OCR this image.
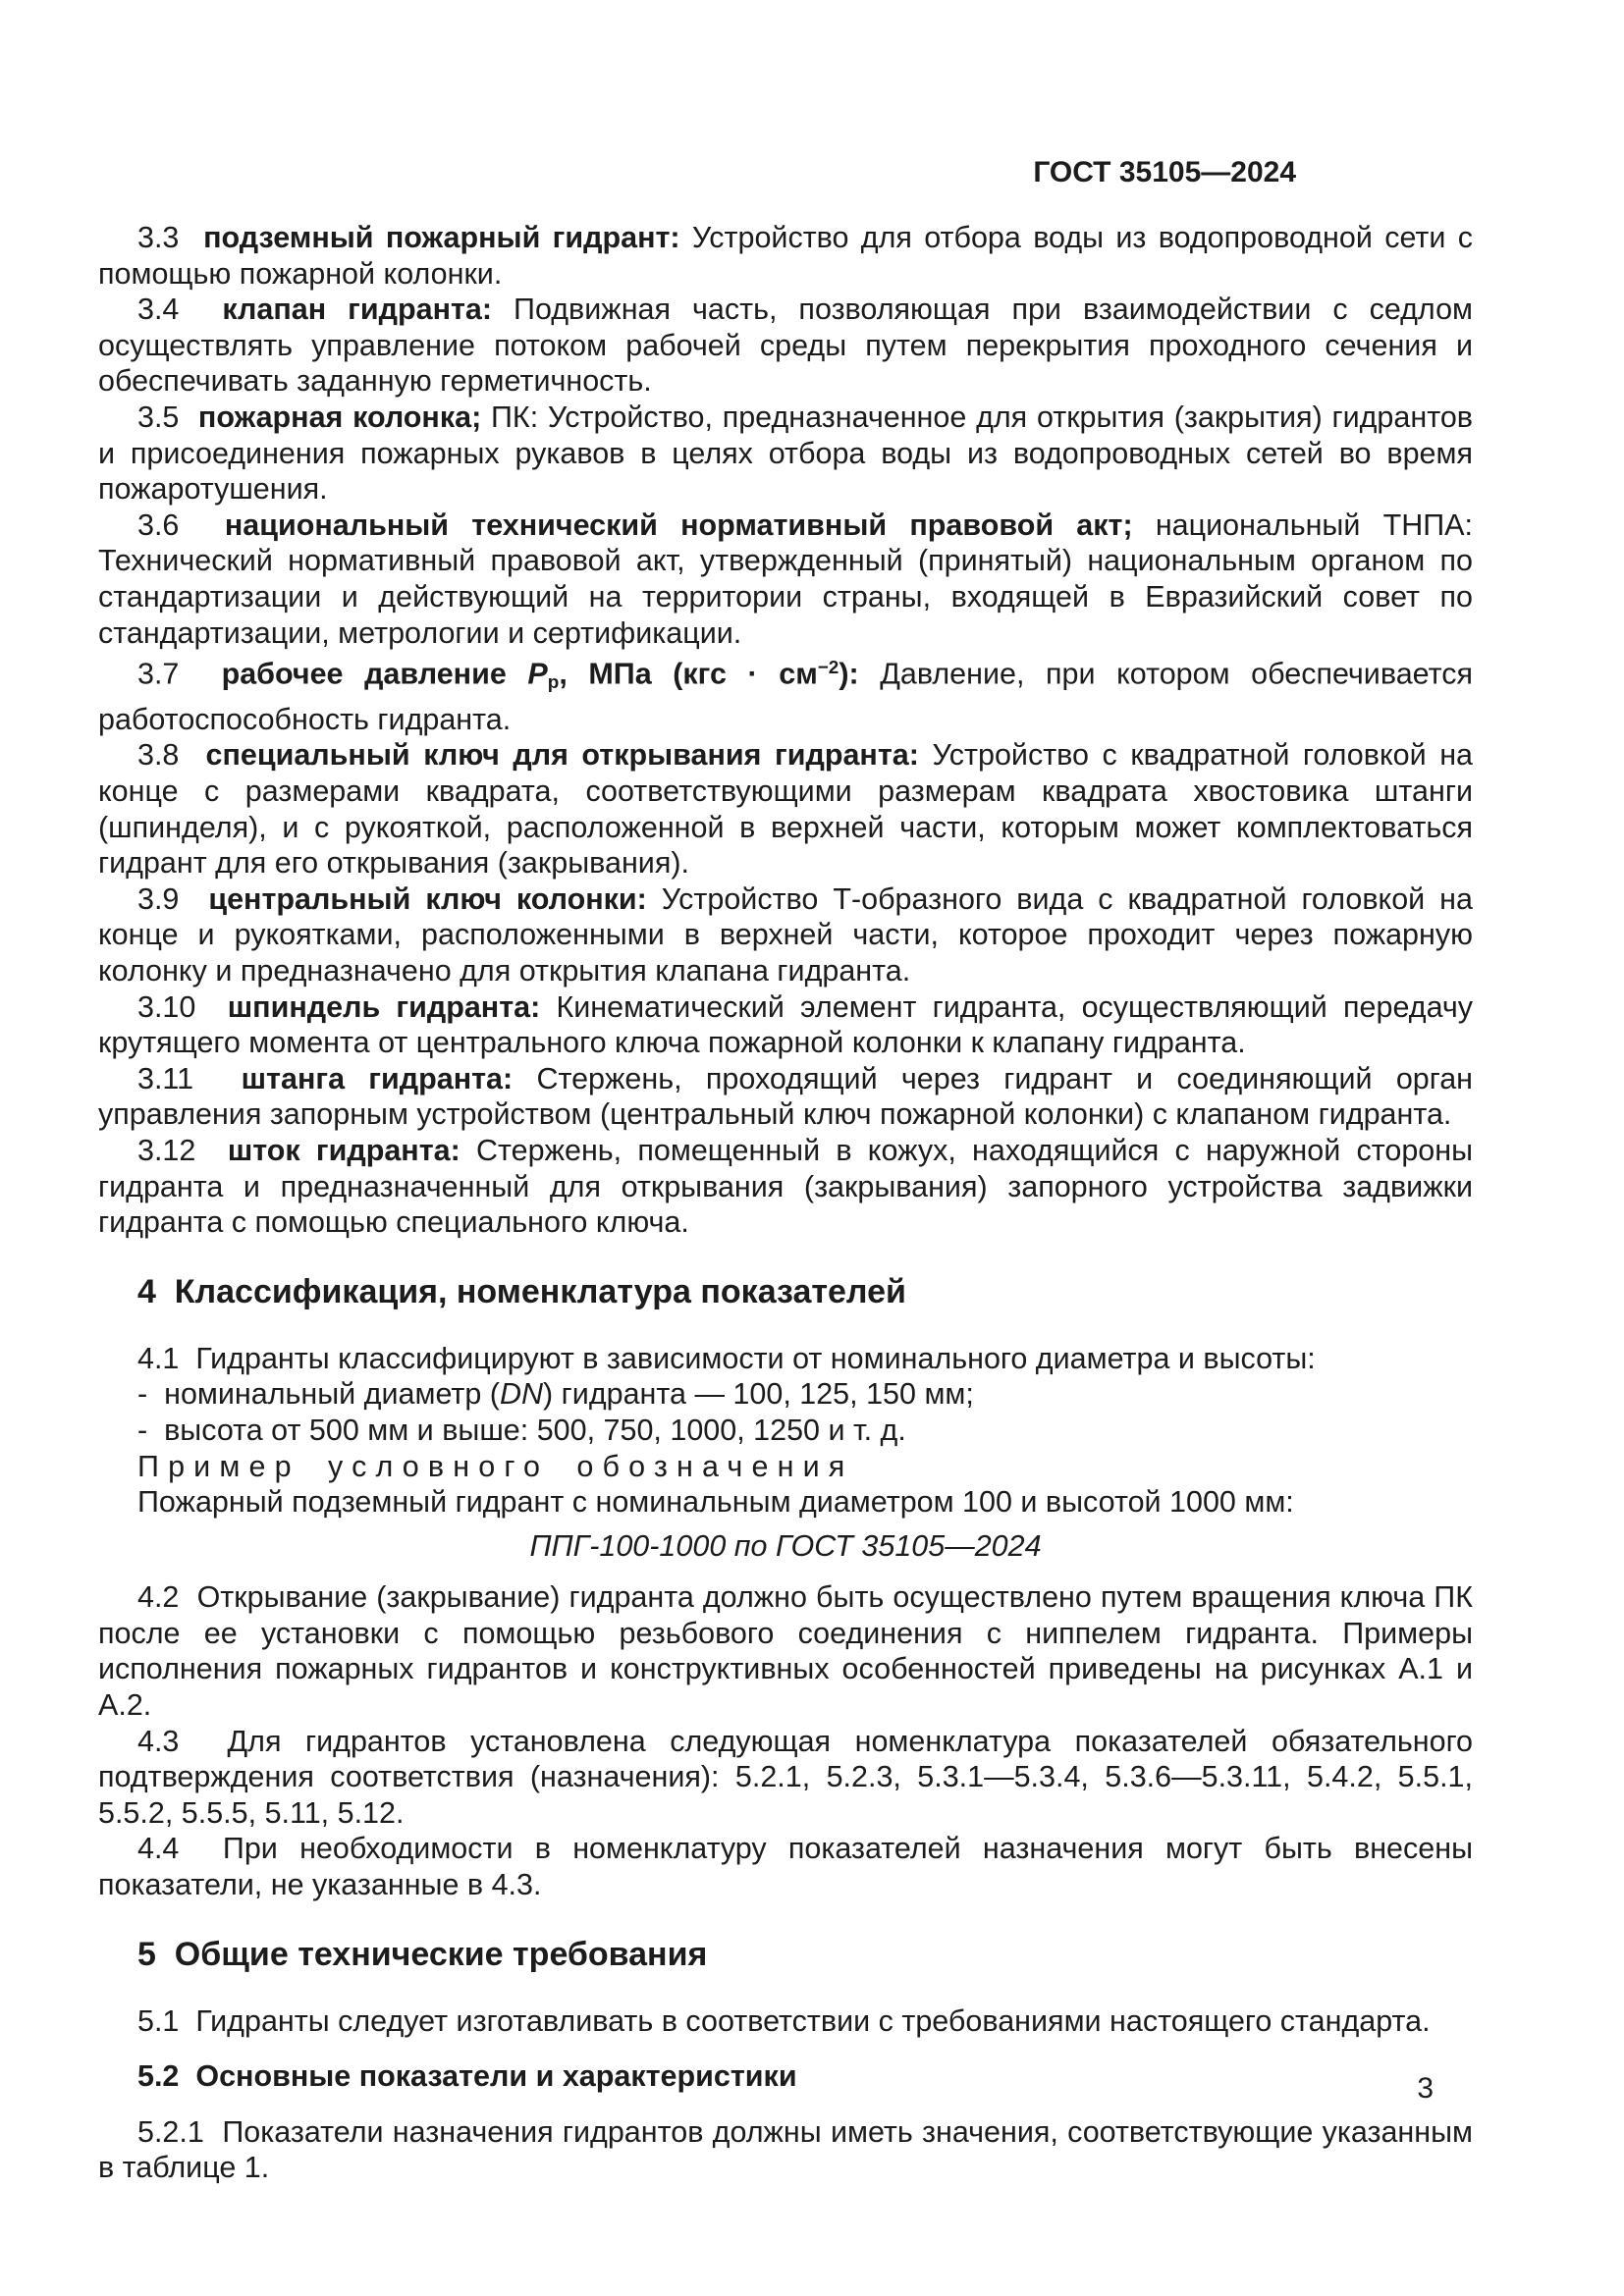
ГОСТ 35105—2024

3.3  подземный пожарный гидрант: Устройство для отбора воды из водопроводной сети с помощью пожарной колонки.

3.4  клапан гидранта: Подвижная часть, позволяющая при взаимодействии с седлом осуществлять управление потоком рабочей среды путем перекрытия проходного сечения и обеспечивать заданную герметичность.

3.5  пожарная колонка; ПК: Устройство, предназначенное для открытия (закрытия) гидрантов и присоединения пожарных рукавов в целях отбора воды из водопроводных сетей во время пожаротушения.

3.6  национальный технический нормативный правовой акт; национальный ТНПА: Технический нормативный правовой акт, утвержденный (принятый) национальным органом по стандартизации и действующий на территории страны, входящей в Евразийский совет по стандартизации, метрологии и сертификации.

3.7  рабочее давление $P_р$, МПа $(кгс \cdot см^{-2})$: Давление, при котором обеспечивается работоспособность гидранта.

3.8  специальный ключ для открывания гидранта: Устройство с квадратной головкой на конце с размерами квадрата, соответствующими размерам квадрата хвостовика штанги (шпинделя), и с рукояткой, расположенной в верхней части, которым может комплектоваться гидрант для его открывания (закрывания).

3.9  центральный ключ колонки: Устройство Т-образного вида с квадратной головкой на конце и рукоятками, расположенными в верхней части, которое проходит через пожарную колонку и предназначено для открытия клапана гидранта.

3.10  шпиндель гидранта: Кинематический элемент гидранта, осуществляющий передачу крутящего момента от центрального ключа пожарной колонки к клапану гидранта.

3.11  штанга гидранта: Стержень, проходящий через гидрант и соединяющий орган управления запорным устройством (центральный ключ пожарной колонки) с клапаном гидранта.

3.12  шток гидранта: Стержень, помещенный в кожух, находящийся с наружной стороны гидранта и предназначенный для открывания (закрывания) запорного устройства задвижки гидранта с помощью специального ключа.

4  Классификация, номенклатура показателей

4.1  Гидранты классифицируют в зависимости от номинального диаметра и высоты:

-  номинальный диаметр (DN) гидранта — 100, 125, 150 мм;

-  высота от 500 мм и выше: 500, 750, 1000, 1250 и т. д.

Пример условного обозначения

Пожарный подземный гидрант с номинальным диаметром 100 и высотой 1000 мм:

ППГ-100-1000 по ГОСТ 35105—2024

4.2  Открывание (закрывание) гидранта должно быть осуществлено путем вращения ключа ПК после ее установки с помощью резьбового соединения с ниппелем гидранта. Примеры исполнения пожарных гидрантов и конструктивных особенностей приведены на рисунках А.1 и А.2.

4.3  Для гидрантов установлена следующая номенклатура показателей обязательного подтверждения соответствия (назначения): 5.2.1, 5.2.3, 5.3.1—5.3.4, 5.3.6—5.3.11, 5.4.2, 5.5.1, 5.5.2, 5.5.5, 5.11, 5.12.

4.4  При необходимости в номенклатуру показателей назначения могут быть внесены показатели, не указанные в 4.3.

5  Общие технические требования

5.1  Гидранты следует изготавливать в соответствии с требованиями настоящего стандарта.

5.2  Основные показатели и характеристики

5.2.1  Показатели назначения гидрантов должны иметь значения, соответствующие указанным в таблице 1.

3
